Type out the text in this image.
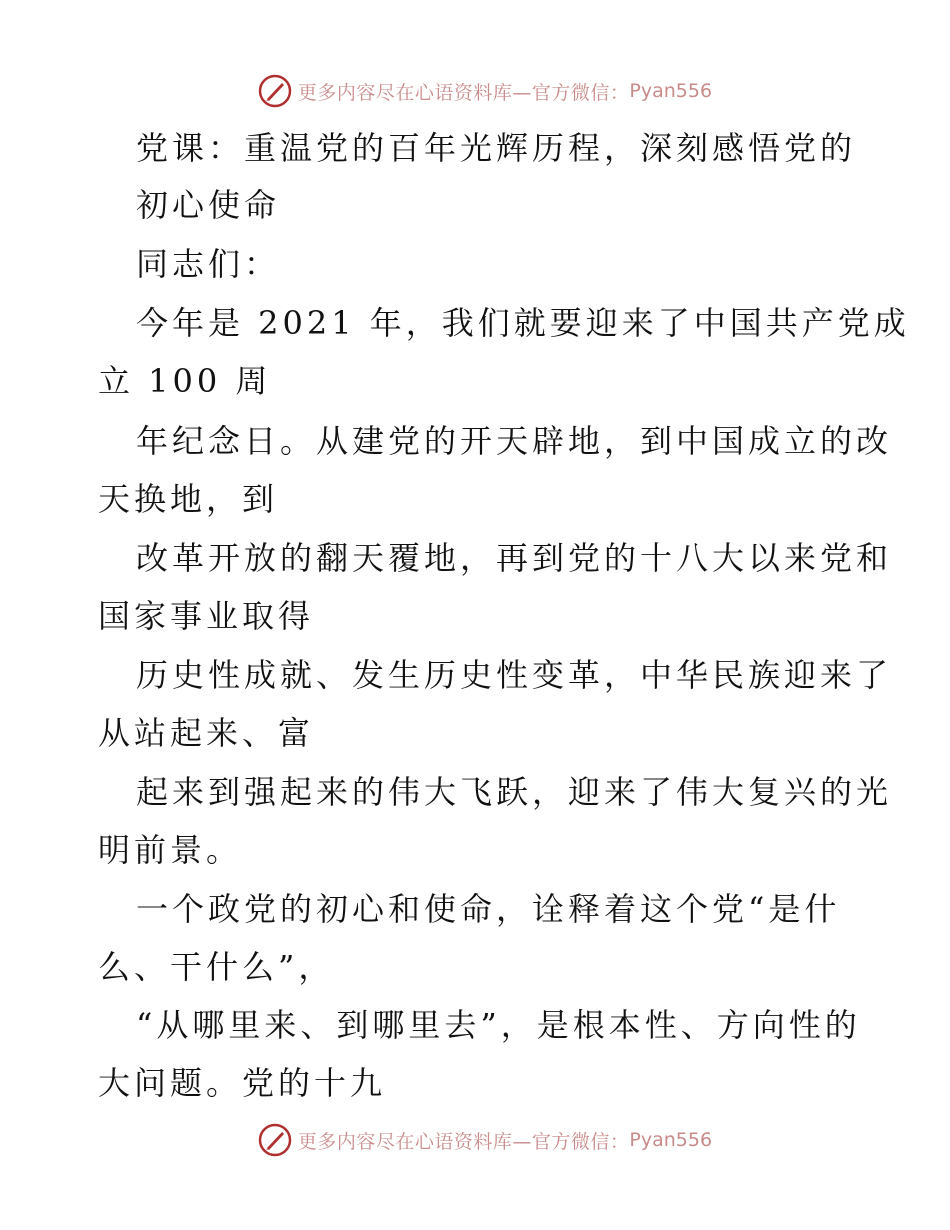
更多内容尽在心语资料库—官方微信： Pyan556
党课：重温党的百年光辉历程，深刻感悟党的
初心使命
同志们：
今年是 2021 年，我们就要迎来了中国共产党成
立 100 周
年纪念日。从建党的开天辟地，到中国成立的改
天换地，到
改革开放的翻天覆地，再到党的十八大以来党和
国家事业取得
历史性成就、发生历史性变革，中华民族迎来了
从站起来、富
起来到强起来的伟大飞跃，迎来了伟大复兴的光
明前景。
一个政党的初心和使命，诠释着这个党“是什
么、干什么”，
“从哪里来、到哪里去”，是根本性、方向性的
大问题。党的十九
更多内容尽在心语资料库—官方微信： Pyan556
